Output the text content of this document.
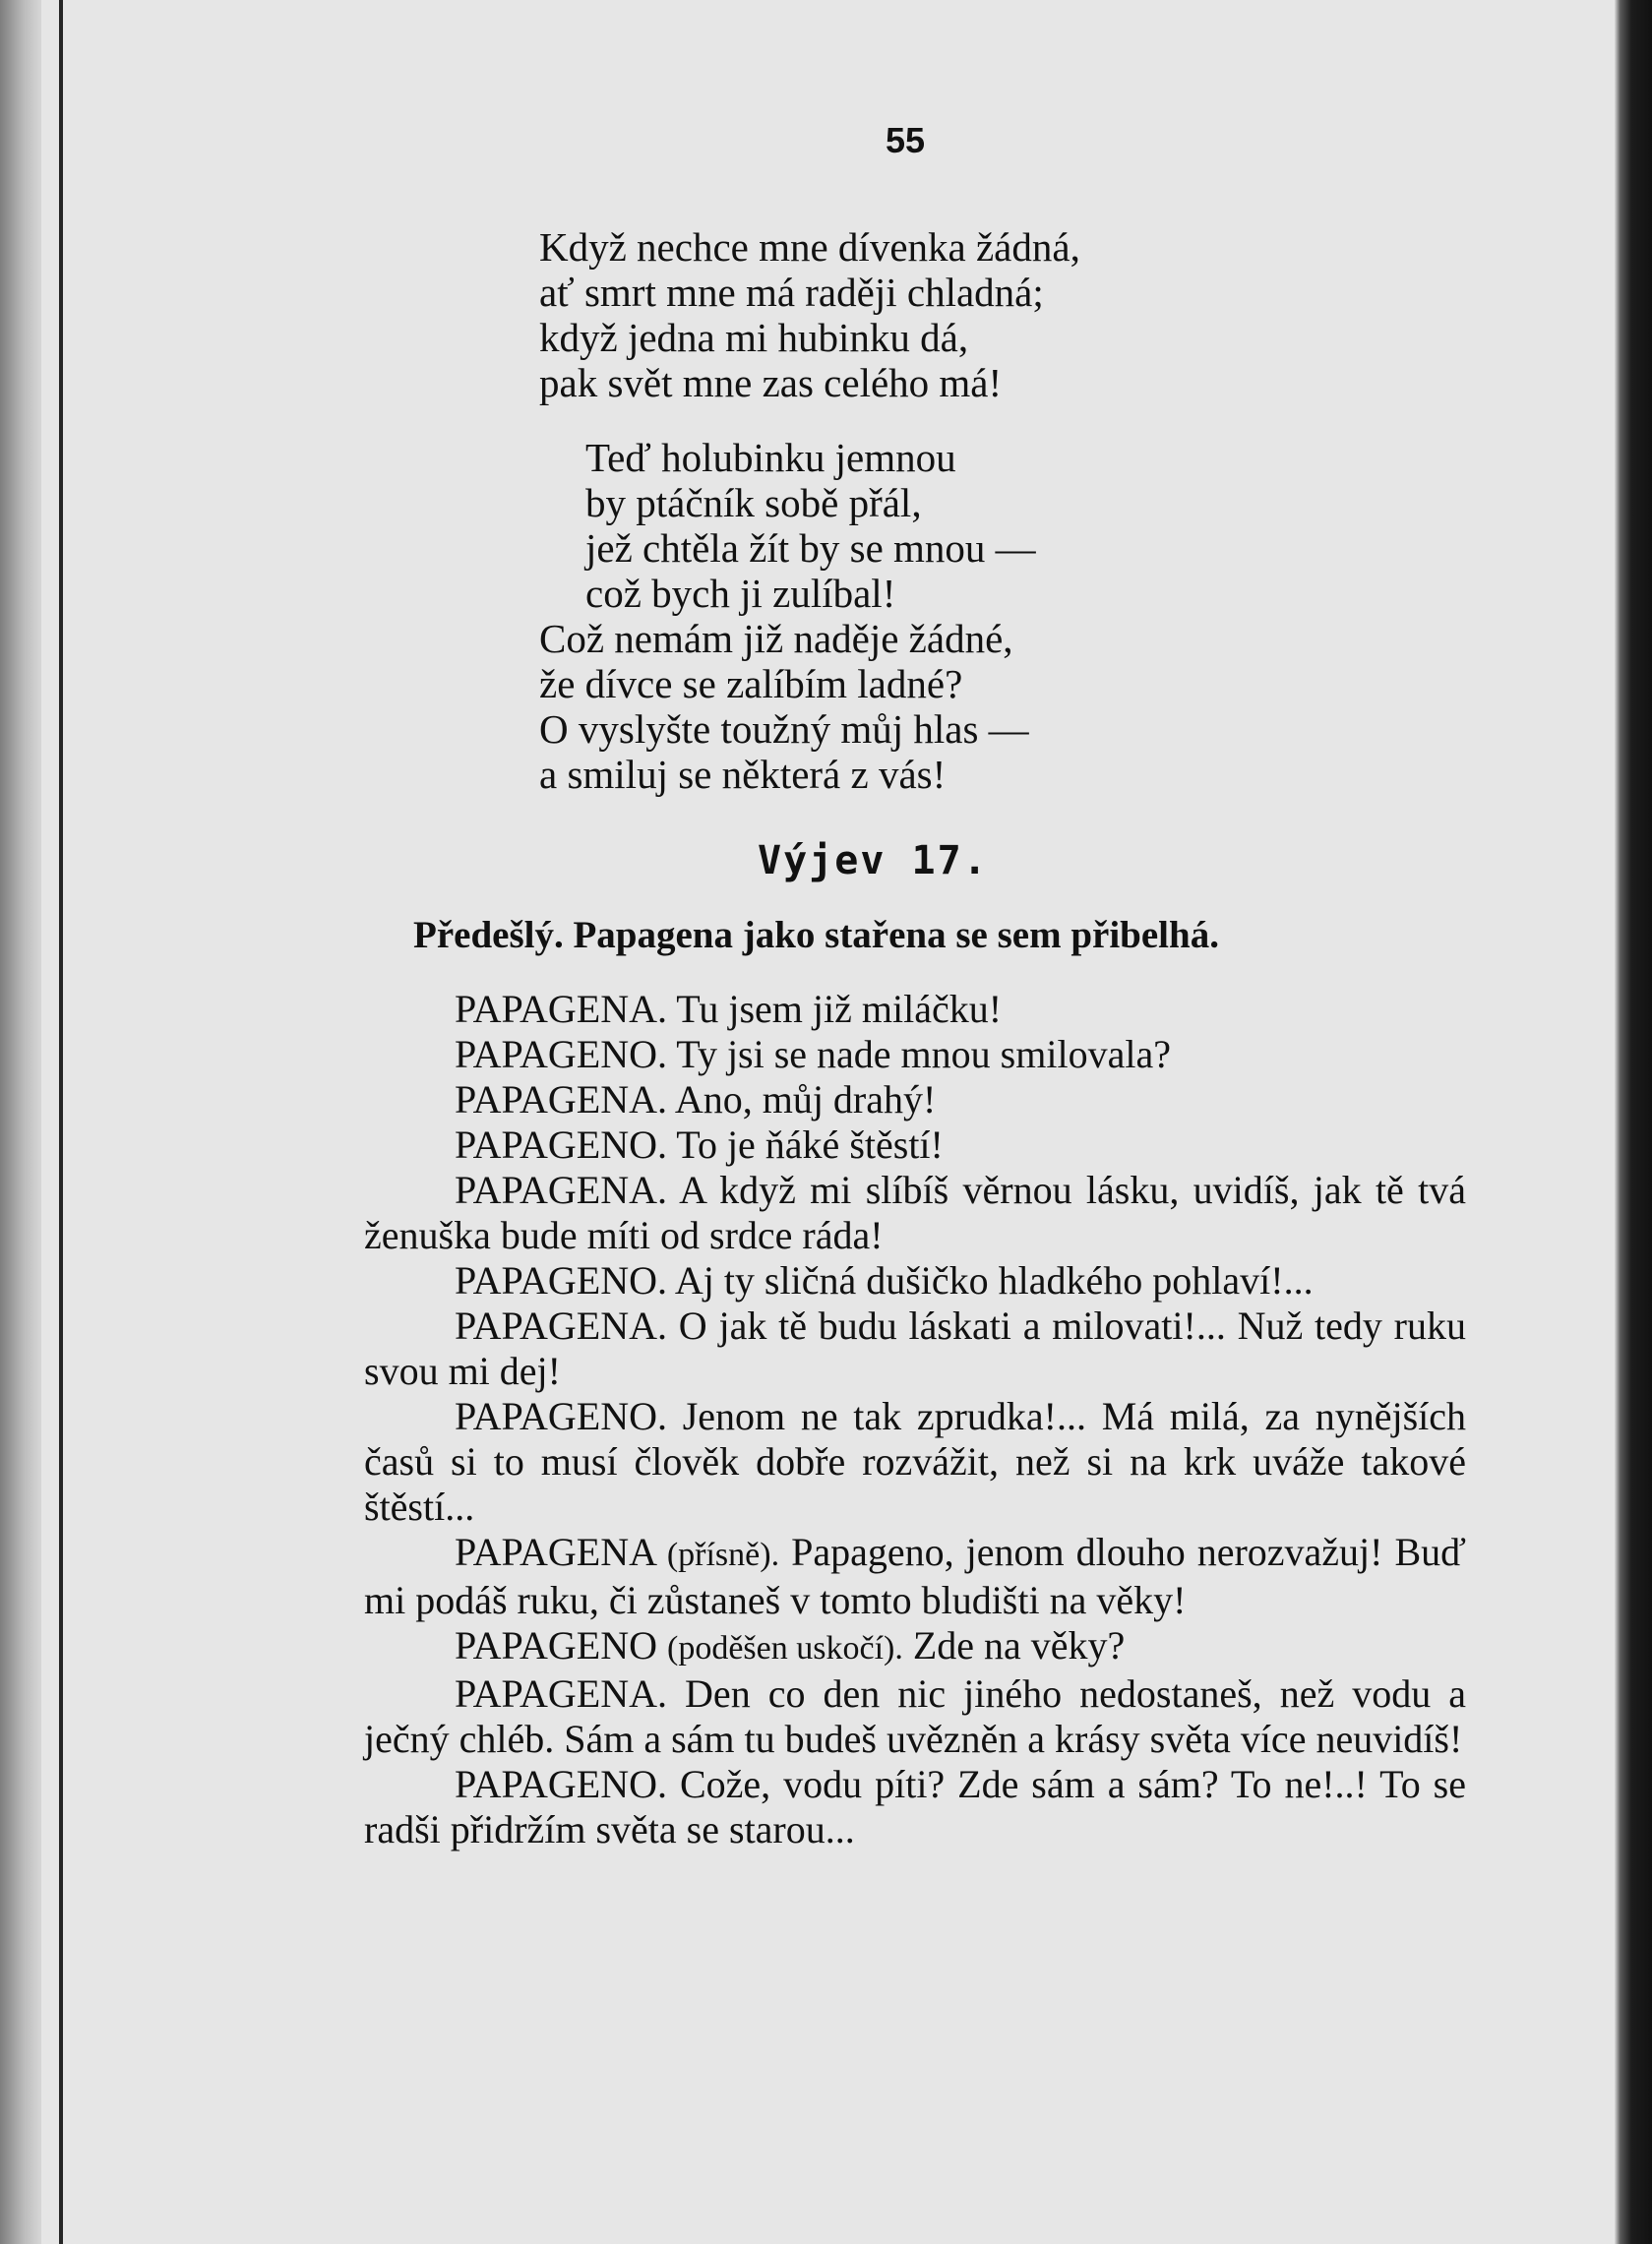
55
Když nechce mne dívenka žádná,
ať smrt mne má raději chladná;
když jedna mi hubinku dá,
pak svět mne zas celého má!
Teď holubinku jemnou
by ptáčník sobě přál,
jež chtěla žít by se mnou —
což bych ji zulíbal!
Což nemám již naděje žádné,
že dívce se zalíbím ladné?
O vyslyšte toužný můj hlas —
a smiluj se některá z vás!
Výjev 17.
Předešlý. Papagena jako stařena se sem přibelhá.

PAPAGENA. Tu jsem již miláčku!

PAPAGENO. Ty jsi se nade mnou smilovala?

PAPAGENA. Ano, můj drahý!

PAPAGENO. To je ňáké štěstí!

PAPAGENA. A když mi slíbíš věrnou lásku, uvidíš, jak tě tvá ženuška bude míti od srdce ráda!

PAPAGENO. Aj ty sličná dušičko hladkého pohlaví!...

PAPAGENA. O jak tě budu láskati a milovati!... Nuž tedy ruku svou mi dej!

PAPAGENO. Jenom ne tak zprudka!... Má milá, za nynějších časů si to musí člověk dobře rozvážit, než si na krk uváže takové štěstí...

PAPAGENA (přísně). Papageno, jenom dlouho nerozvažuj! Buď mi podáš ruku, či zůstaneš v tomto bludišti na věky!

PAPAGENO (poděšen uskočí). Zde na věky?

PAPAGENA. Den co den nic jiného nedostaneš, než vodu a ječný chléb. Sám a sám tu budeš uvězněn a krásy světa více neuvidíš!

PAPAGENO. Cože, vodu píti? Zde sám a sám? To ne!..! To se radši přidržím světa se starou...
